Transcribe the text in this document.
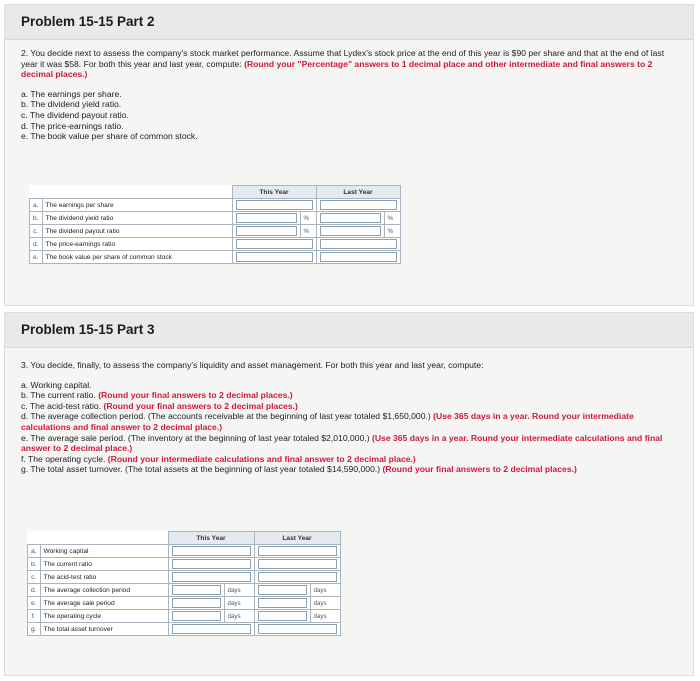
Problem 15-15 Part 2

2. You decide next to assess the company's stock market performance. Assume that Lydex's stock price at the end of this year is $90 per share and that at the end of last year it was $58. For both this year and last year, compute: (Round your "Percentage" answers to 1 decimal place and other intermediate and final answers to 2 decimal places.)

a. The earnings per share.
b. The dividend yield ratio.
c. The dividend payout ratio.
d. The price-earnings ratio.
e. The book value per share of common stock.
		This Year		Last Year	
a.	The earnings per share			

b.	The dividend yield ratio		%		%
c.	The dividend payout ratio		%		%
d.	The price-earnings ratio			

e.	The book value per share of common stock			

Problem 15-15 Part 3

3. You decide, finally, to assess the company's liquidity and asset management. For both this year and last year, compute:

a. Working capital.
b. The current ratio. (Round your final answers to 2 decimal places.)
c. The acid-test ratio. (Round your final answers to 2 decimal places.)

d. The average collection period. (The accounts receivable at the beginning of last year totaled $1,650,000.) (Use 365 days in a year. Round your intermediate calculations and final answer to 2 decimal place.)

e. The average sale period. (The inventory at the beginning of last year totaled $2,010,000.) (Use 365 days in a year. Round your intermediate calculations and final answer to 2 decimal place.)

f. The operating cycle. (Round your intermediate calculations and final answer to 2 decimal place.)

g. The total asset turnover. (The total assets at the beginning of last year totaled $14,590,000.) (Round your final answers to 2 decimal places.)

		This Year		Last Year	
a.	Working capital			

b.	The current ratio			

c.	The acid-test ratio			

d.	The average collection period		days		days
e.	The average sale period		days		days
f.	The operating cycle		days		days
g.	The total asset turnover			
